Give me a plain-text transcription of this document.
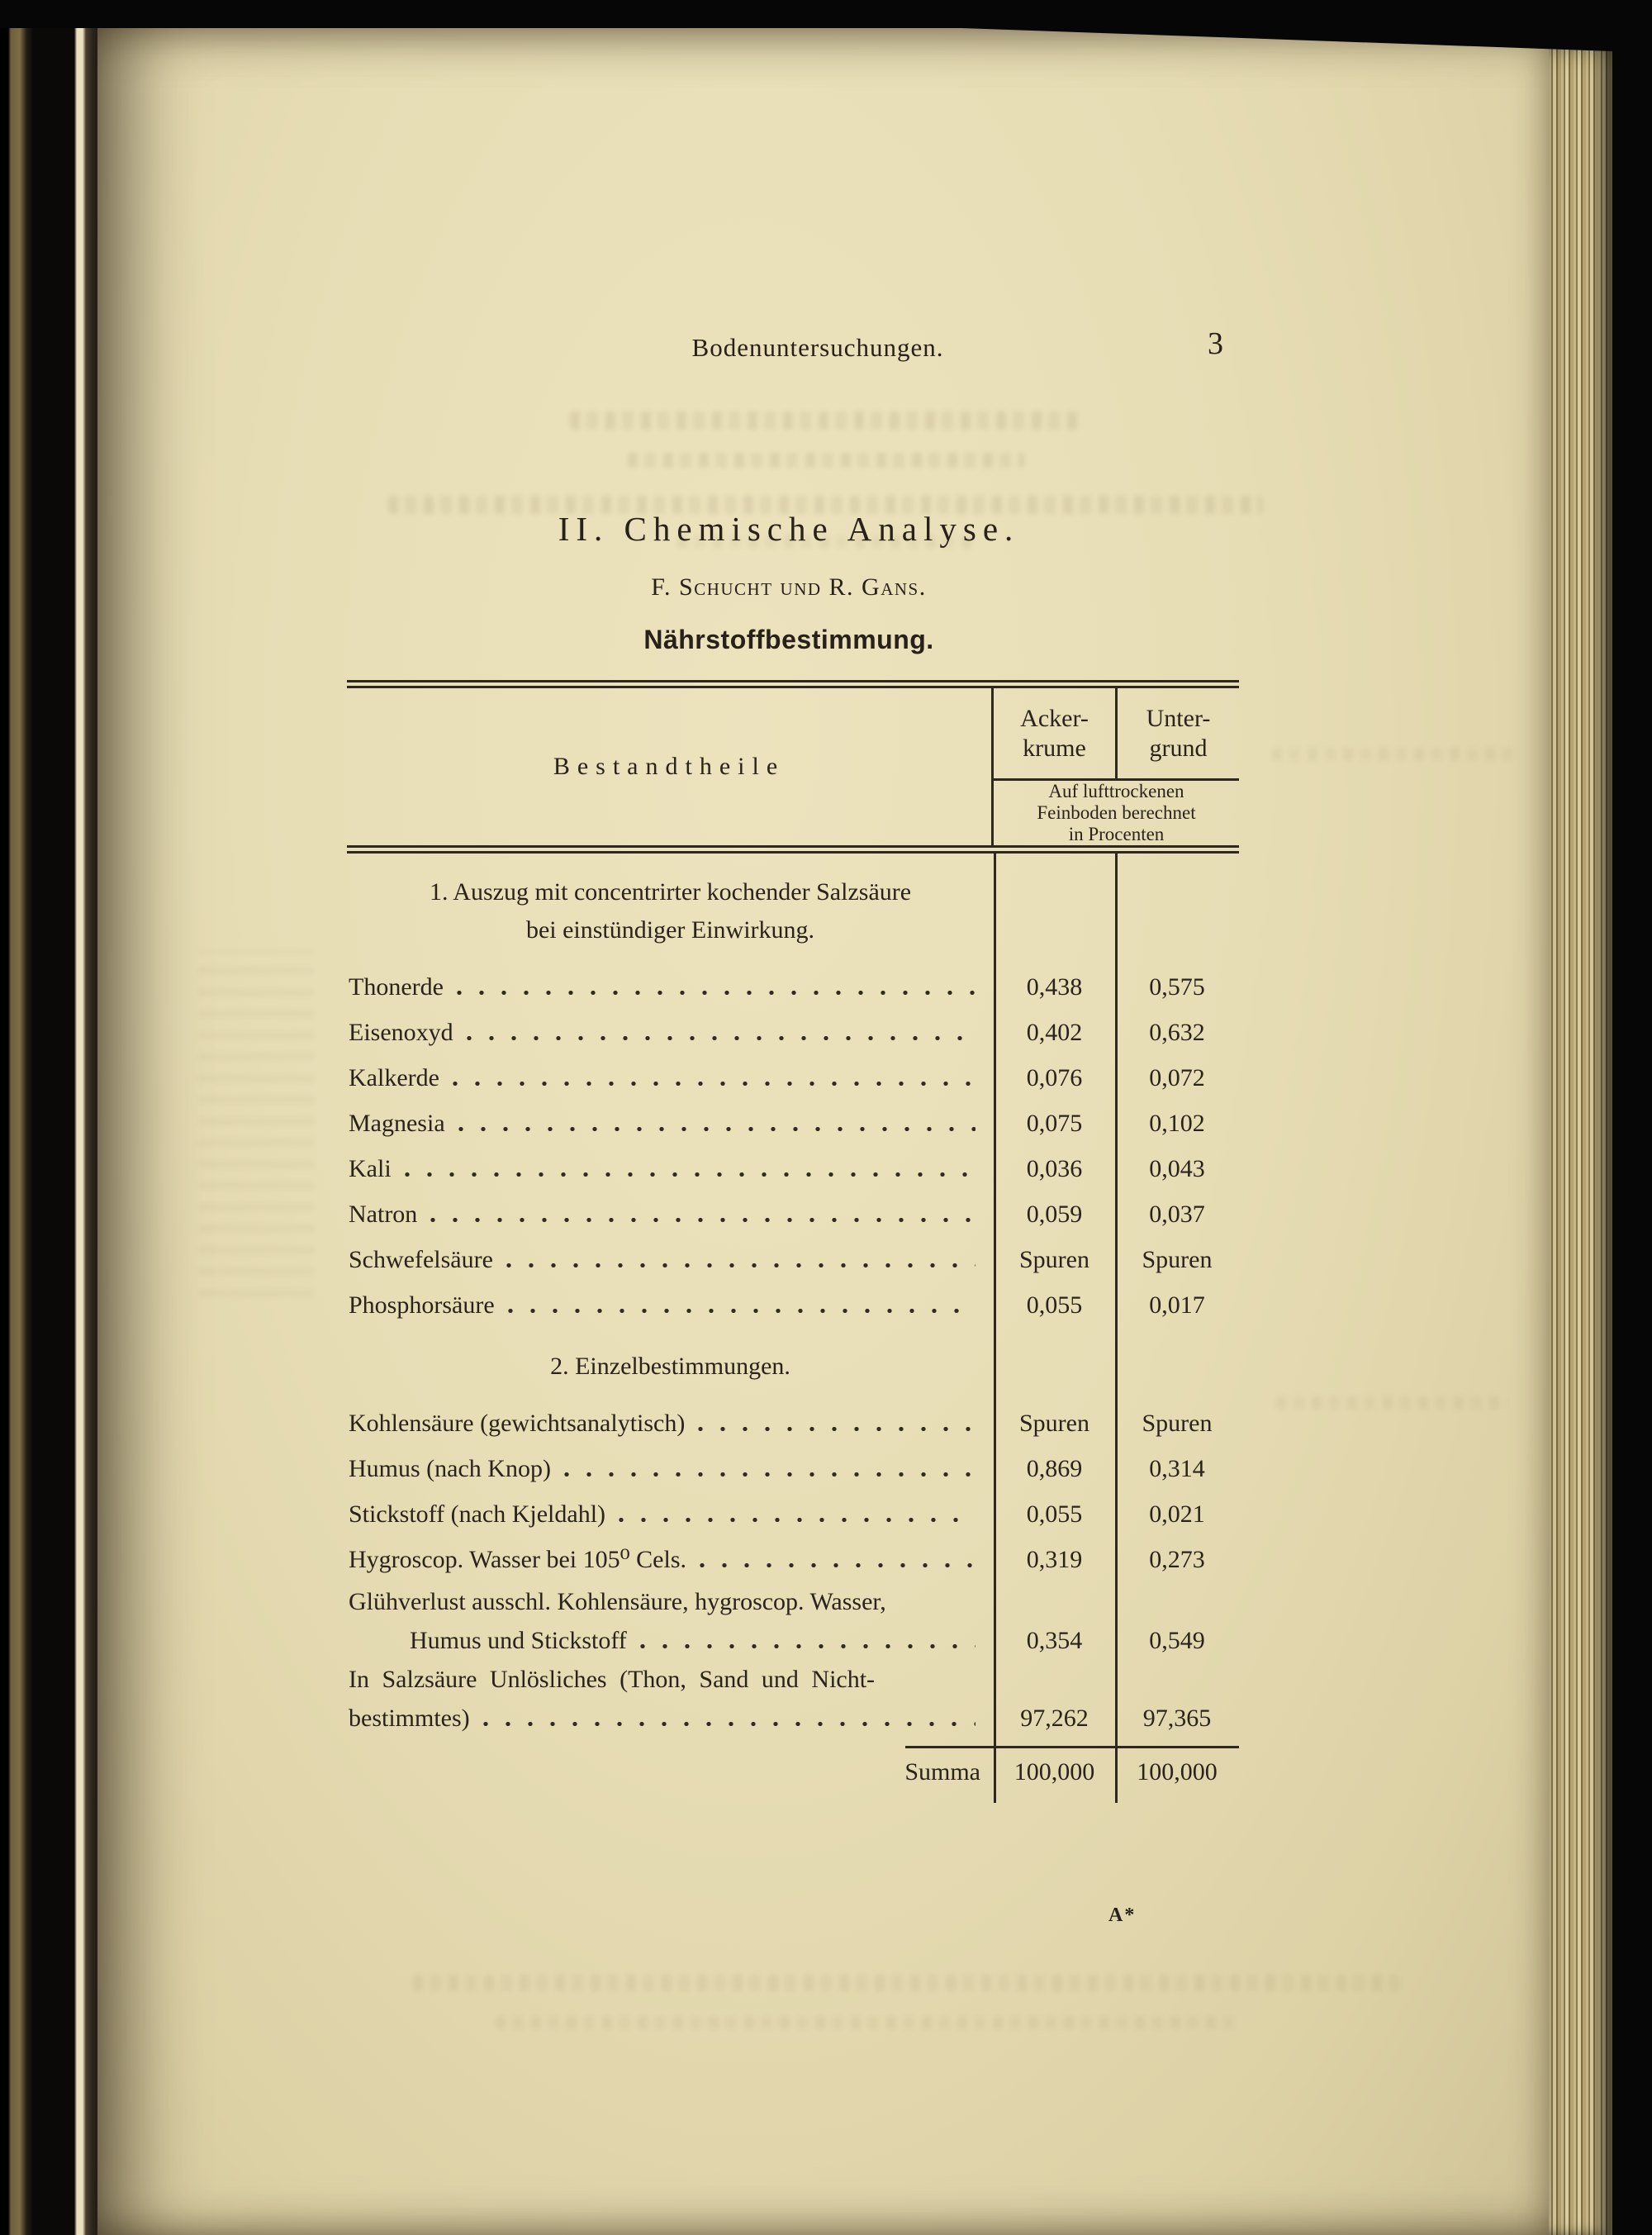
Bodenuntersuchungen.	3
II. Chemische Analyse.
F. Schucht und R. Gans.
Nährstoffbestimmung.
Bestandtheile
Acker-
krume
Unter-
grund
Auf lufttrockenen
Feinboden berechnet
in Procenten
1. Auszug mit concentrirter kochender Salzsäure
bei einstündiger Einwirkung.
Thonerde	0,438	0,575
Eisenoxyd	0,402	0,632
Kalkerde	0,076	0,072
Magnesia	0,075	0,102
Kali	0,036	0,043
Natron	0,059	0,037
Schwefelsäure	Spuren	Spuren
Phosphorsäure	0,055	0,017
2. Einzelbestimmungen.
Kohlensäure (gewichtsanalytisch)	Spuren	Spuren
Humus (nach Knop)	0,869	0,314
Stickstoff (nach Kjeldahl)	0,055	0,021
Hygroscop. Wasser bei 105⁰ Cels.	0,319	0,273
Glühverlust ausschl. Kohlensäure, hygroscop. Wasser,
Humus und Stickstoff	0,354	0,549
In Salzsäure Unlösliches (Thon, Sand und Nicht-
bestimmtes)	97,262	97,365
Summa	100,000	100,000
A*
